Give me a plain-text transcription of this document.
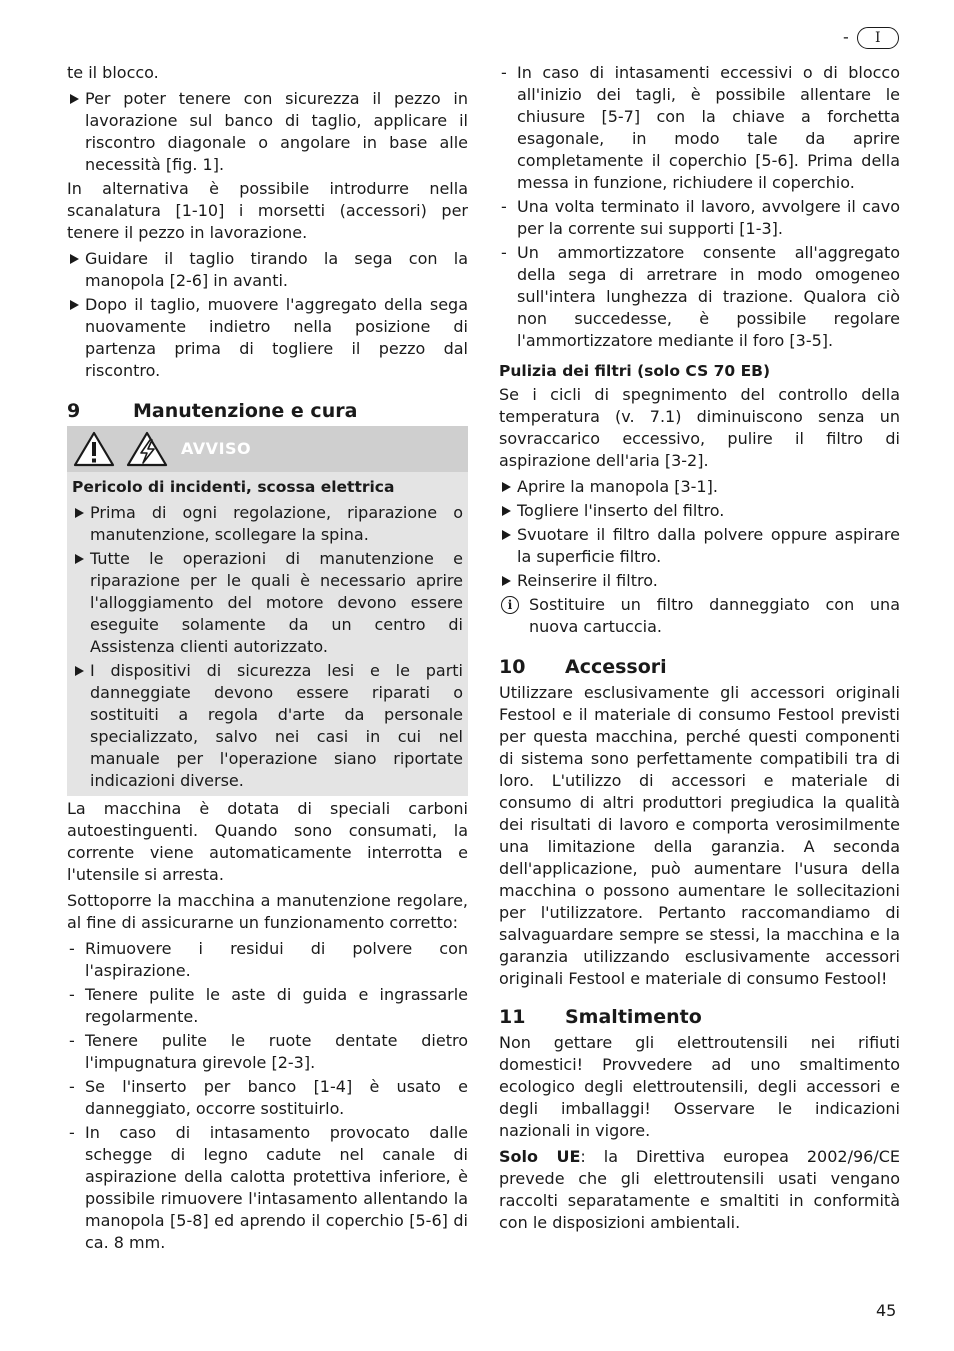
- I

te il blocco.

Per poter tenere con sicurezza il pezzo in lavorazione sul banco di taglio, applicare il riscontro diagonale o angolare in base alle necessità [fig. 1].

In alternativa è possibile introdurre nella scanalatura [1-10] i morsetti (accessori) per tenere il pezzo in lavorazione.

Guidare il taglio tirando la sega con la manopola [2-6] in avanti.
Dopo il taglio, muovere l'aggregato della sega nuovamente indietro nella posizione di partenza prima di togliere il pezzo dal riscontro.
9	Manutenzione e cura
AVVISO
Pericolo di incidenti, scossa elettrica
Prima di ogni regolazione, riparazione o manutenzione, scollegare la spina.
Tutte le operazioni di manutenzione e riparazione per le quali è necessario aprire l'alloggiamento del motore devono essere eseguite solamente da un centro di Assistenza clienti autorizzato.
I dispositivi di sicurezza lesi e le parti danneggiate devono essere riparati o sostituiti a regola d'arte da personale specializzato, salvo nei casi in cui nel manuale per l'operazione siano riportate indicazioni diverse.

La macchina è dotata di speciali carboni autoestinguenti. Quando sono consumati, la corrente viene automaticamente interrotta e l'utensile si arresta.

Sottoporre la macchina a manutenzione regolare, al fine di assicurarne un funzionamento corretto:

- Rimuovere i residui di polvere con l'aspirazione.
- Tenere pulite le aste di guida e ingrassarle regolarmente.
- Tenere pulite le ruote dentate dietro l'impugnatura girevole [2-3].
- Se l'inserto per banco [1-4] è usato e danneggiato, occorre sostituirlo.
- In caso di intasamento provocato dalle schegge di legno cadute nel canale di aspirazione della calotta protettiva inferiore, è possibile rimuovere l'intasamento allentando la manopola [5-8] ed aprendo il coperchio [5-6] di ca. 8 mm.
- In caso di intasamenti eccessivi o di blocco all'inizio dei tagli, è possibile allentare le chiusure [5-7] con la chiave a forchetta esagonale, in modo tale da aprire completamente il coperchio [5-6]. Prima della messa in funzione, richiudere il coperchio.
- Una volta terminato il lavoro, avvolgere il cavo per la corrente sui supporti [1-3].
- Un ammortizzatore consente all'aggregato della sega di arretrare in modo omogeneo sull'intera lunghezza di trazione. Qualora ciò non succedesse, è possibile regolare l'ammortizzatore mediante il foro [3-5].
Pulizia dei filtri (solo CS 70 EB)

Se i cicli di spegnimento del controllo della temperatura (v. 7.1) diminuiscono senza un sovraccarico eccessivo, pulire il filtro di aspirazione dell'aria [3-2].

Aprire la manopola [3-1].
Togliere l'inserto del filtro.
Svuotare il filtro dalla polvere oppure aspirare la superficie filtro.
Reinserire il filtro.
i	Sostituire un filtro danneggiato con una nuova cartuccia.
10 Accessori

Utilizzare esclusivamente gli accessori originali Festool e il materiale di consumo Festool previsti per questa macchina, perché questi componenti di sistema sono perfettamente compatibili tra di loro. L'utilizzo di accessori e materiale di consumo di altri produttori pregiudica la qualità dei risultati di lavoro e comporta verosimilmente una limitazione della garanzia. A seconda dell'applicazione, può aumentare l'usura della macchina o possono aumentare le sollecitazioni per l'utilizzatore. Pertanto raccomandiamo di salvaguardare sempre se stessi, la macchina e la garanzia utilizzando esclusivamente accessori originali Festool e materiale di consumo Festool!

11 Smaltimento

Non gettare gli elettroutensili nei rifiuti domestici! Provvedere ad uno smaltimento ecologico degli elettroutensili, degli accessori e degli imballaggi! Osservare le indicazioni nazionali in vigore.

Solo UE: la Direttiva europea 2002/96/CE prevede che gli elettroutensili usati vengano raccolti separatamente e smaltiti in conformità con le disposizioni ambientali.

45
